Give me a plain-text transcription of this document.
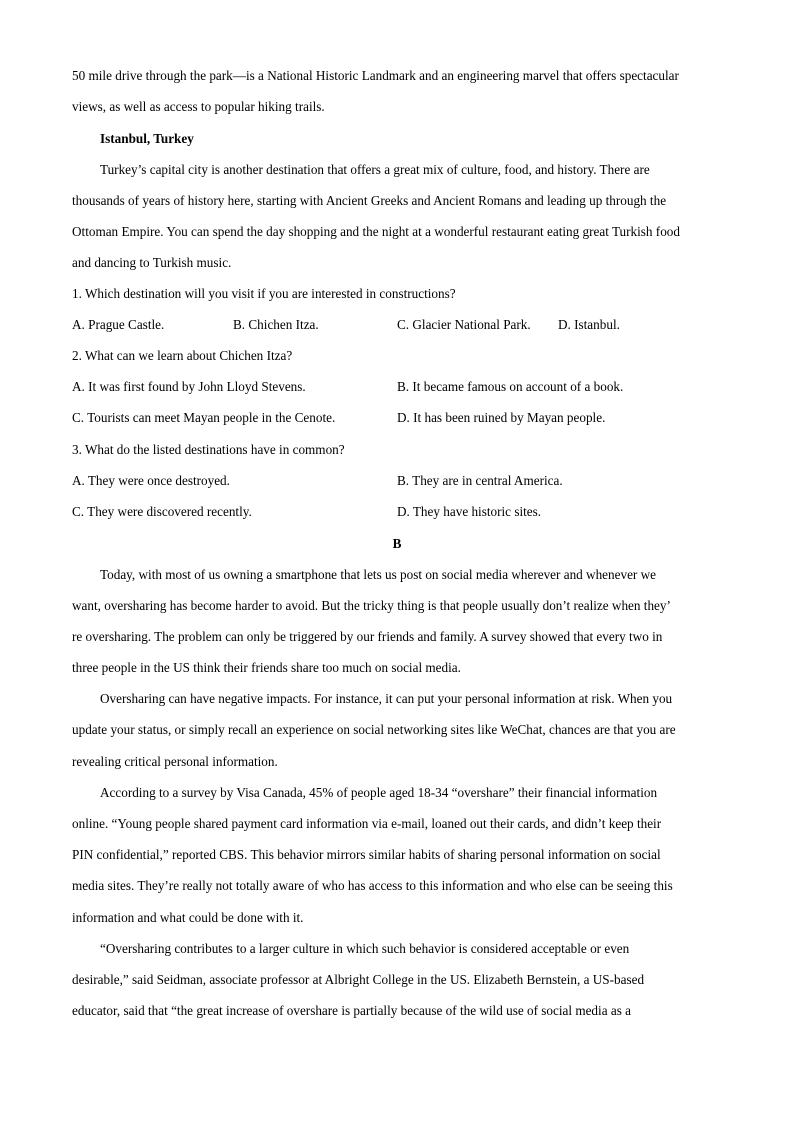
50 mile drive through the park—is a National Historic Landmark and an engineering marvel that offers spectacular
views, as well as access to popular hiking trails.
Istanbul, Turkey
Turkey’s capital city is another destination that offers a great mix of culture, food, and history. There are
thousands of years of history here, starting with Ancient Greeks and Ancient Romans and leading up through the
Ottoman Empire. You can spend the day shopping and the night at a wonderful restaurant eating great Turkish food
and dancing to Turkish music.
1. Which destination will you visit if you are interested in constructions?
A. Prague Castle.	B. Chichen Itza.	C. Glacier National Park. D. Istanbul.
2. What can we learn about Chichen Itza?
A. It was first found by John Lloyd Stevens.	B. It became famous on account of a book.
C. Tourists can meet Mayan people in the Cenote.	D. It has been ruined by Mayan people.
3. What do the listed destinations have in common?
A. They were once destroyed.	B. They are in central America.
C. They were discovered recently.	D. They have historic sites.
B
Today, with most of us owning a smartphone that lets us post on social media wherever and whenever we
want, oversharing has become harder to avoid. But the tricky thing is that people usually don’t realize when they’
re oversharing. The problem can only be triggered by our friends and family. A survey showed that every two in
three people in the US think their friends share too much on social media.
Oversharing can have negative impacts. For instance, it can put your personal information at risk. When you
update your status, or simply recall an experience on social networking sites like WeChat, chances are that you are
revealing critical personal information.
According to a survey by Visa Canada, 45% of people aged 18-34 “overshare” their financial information
online. “Young people shared payment card information via e-mail, loaned out their cards, and didn’t keep their
PIN confidential,” reported CBS. This behavior mirrors similar habits of sharing personal information on social
media sites. They’re really not totally aware of who has access to this information and who else can be seeing this
information and what could be done with it.
“Oversharing contributes to a larger culture in which such behavior is considered acceptable or even
desirable,” said Seidman, associate professor at Albright College in the US. Elizabeth Bernstein, a US-based
educator, said that “the great increase of overshare is partially because of the wild use of social media as a
